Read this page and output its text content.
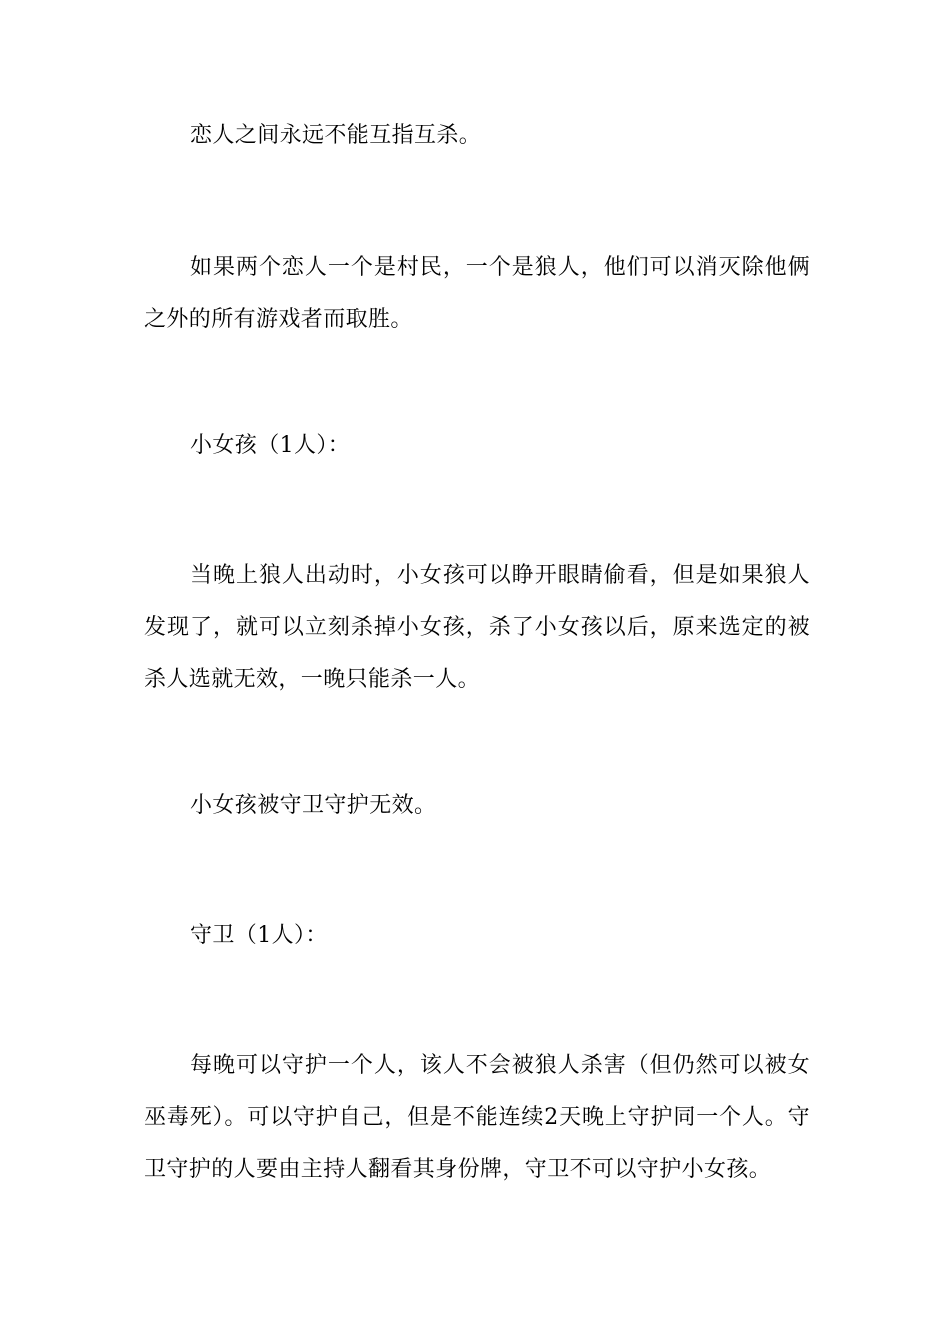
恋人之间永远不能互指互杀。

如果两个恋人一个是村民，一个是狼人，他们可以消灭除他俩之外的所有游戏者而取胜。

小女孩（1人）：

当晚上狼人出动时，小女孩可以睁开眼睛偷看，但是如果狼人发现了，就可以立刻杀掉小女孩，杀了小女孩以后，原来选定的被杀人选就无效，一晚只能杀一人。

小女孩被守卫守护无效。

守卫（1人）：

每晚可以守护一个人，该人不会被狼人杀害（但仍然可以被女巫毒死）。可以守护自己，但是不能连续2天晚上守护同一个人。守卫守护的人要由主持人翻看其身份牌，守卫不可以守护小女孩。
